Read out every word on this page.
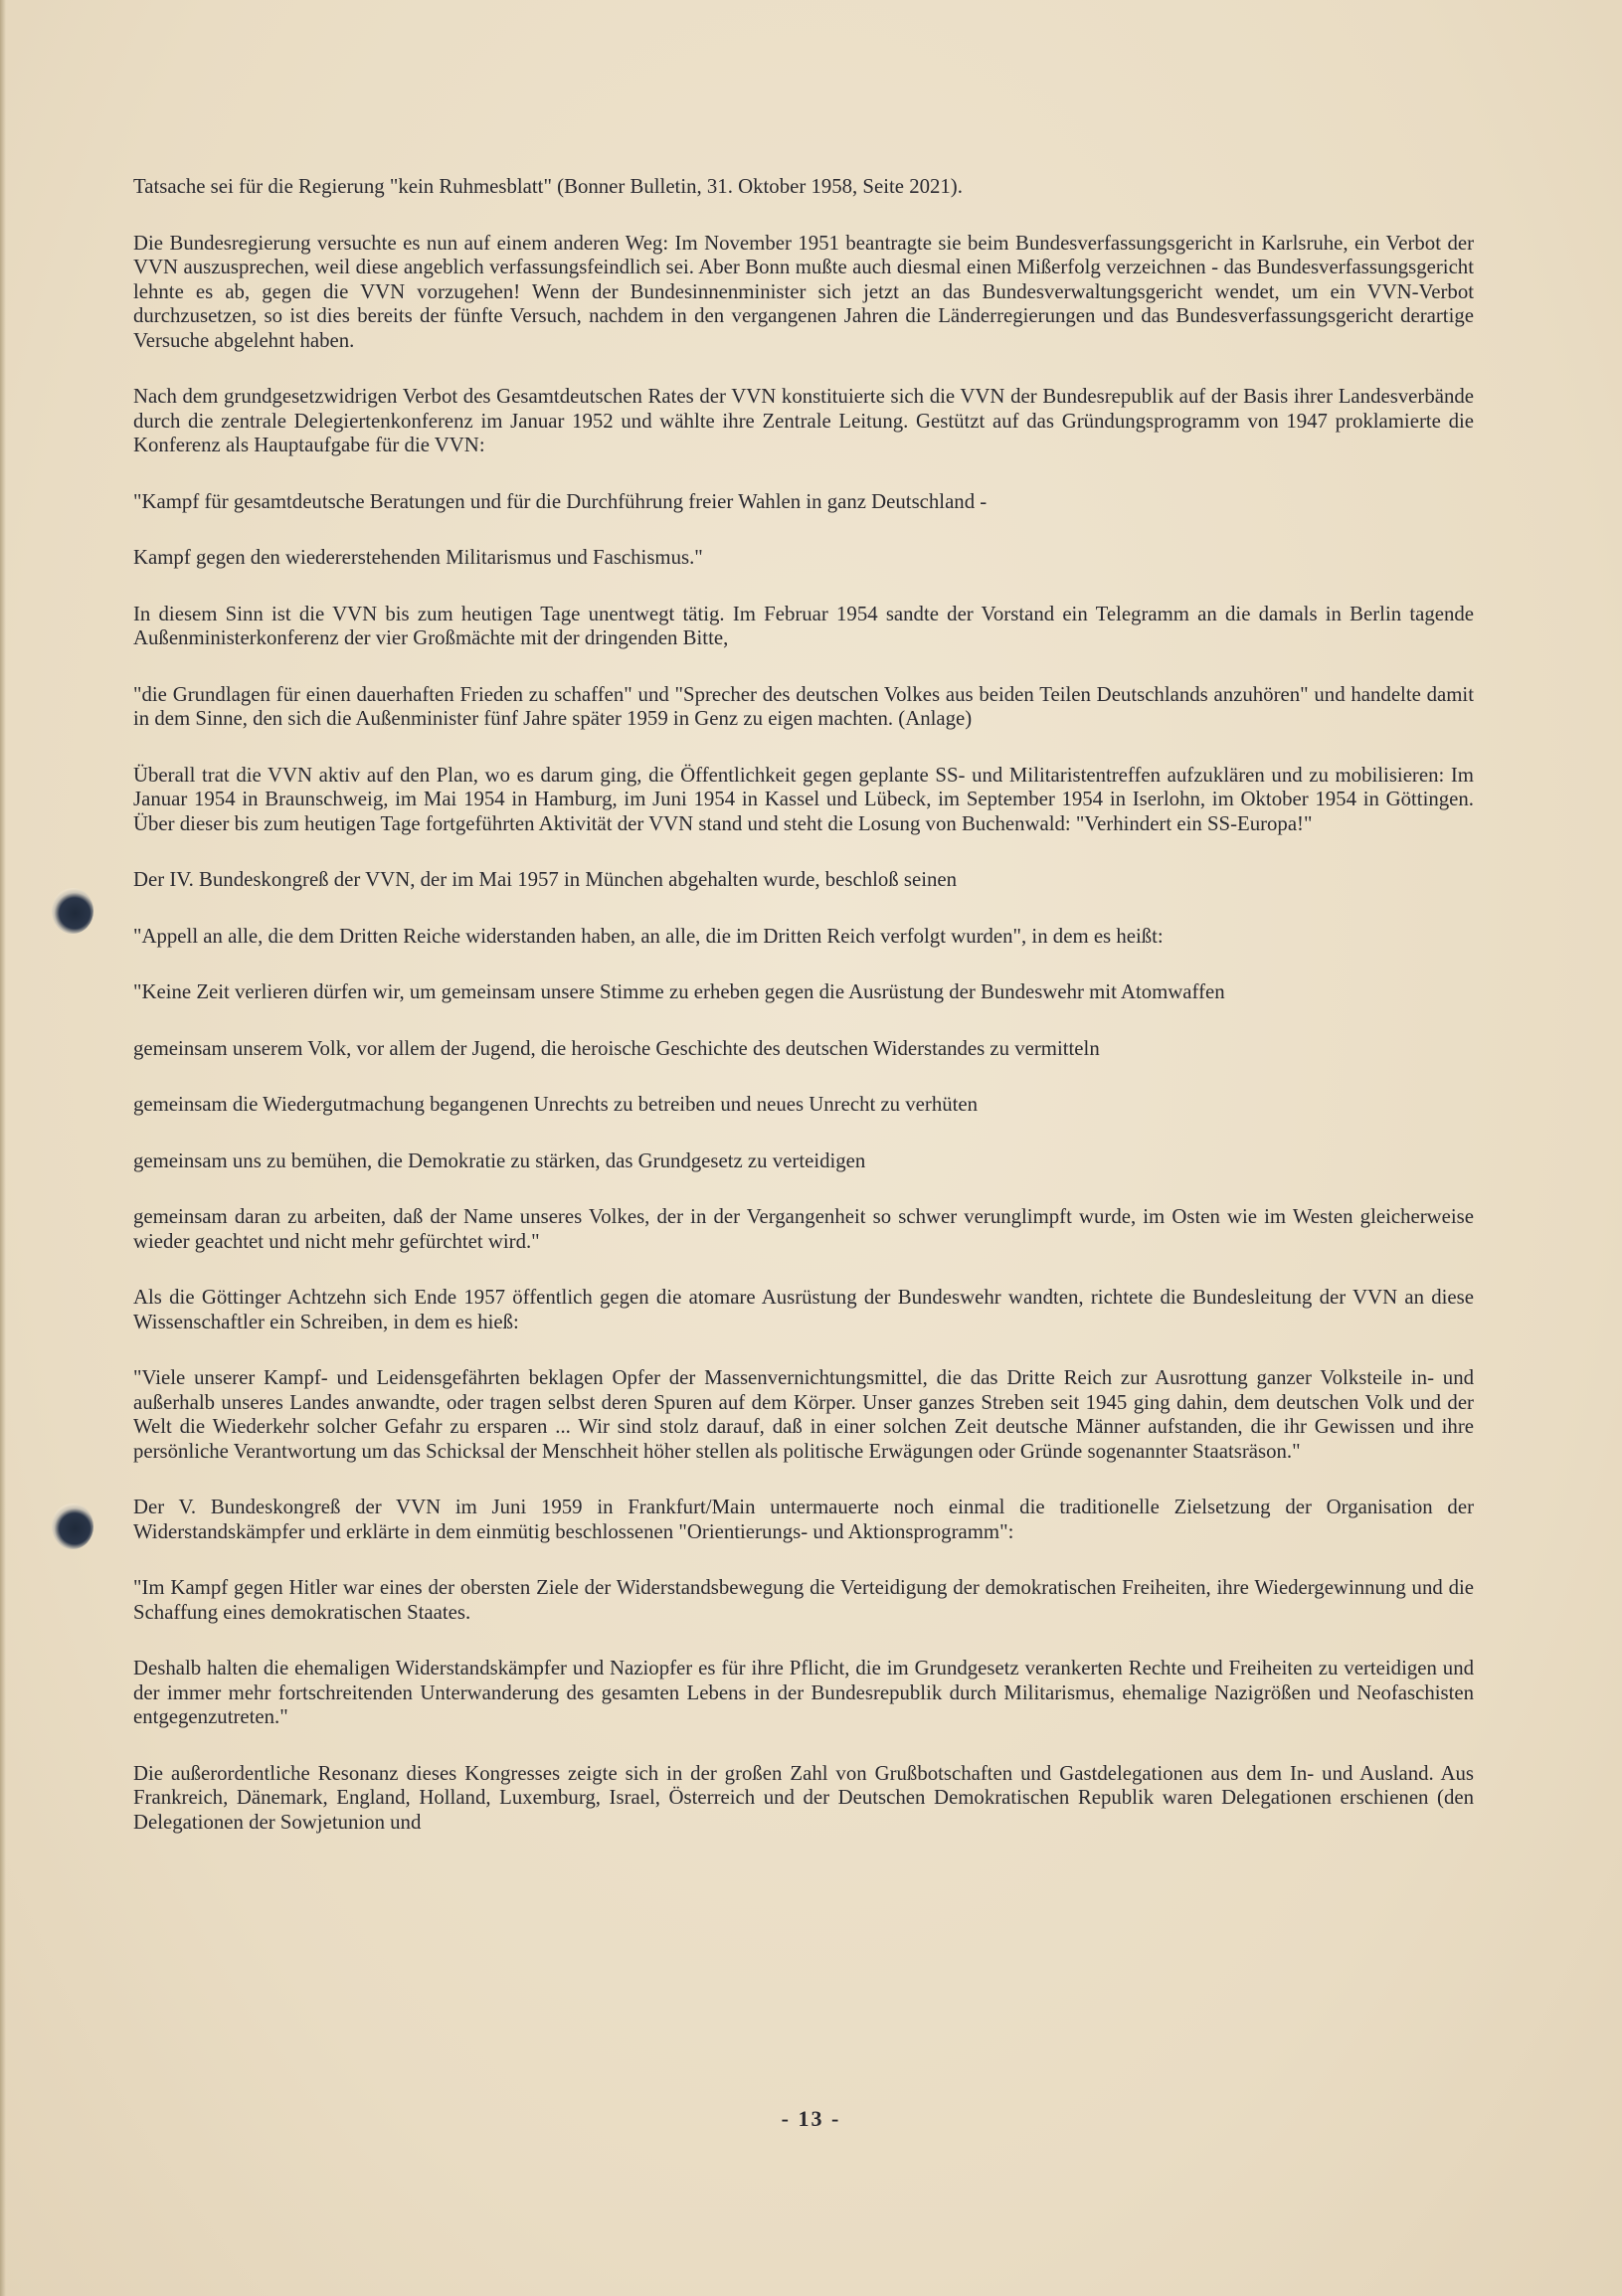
Tatsache sei für die Regierung "kein Ruhmesblatt" (Bonner Bulletin, 31. Oktober 1958, Seite 2021).

Die Bundesregierung versuchte es nun auf einem anderen Weg: Im November 1951 beantragte sie beim Bundesverfassungsgericht in Karlsruhe, ein Verbot der VVN auszusprechen, weil diese angeblich verfassungsfeindlich sei. Aber Bonn mußte auch diesmal einen Mißerfolg verzeichnen - das Bundesverfassungsgericht lehnte es ab, gegen die VVN vorzugehen! Wenn der Bundesinnenminister sich jetzt an das Bundesverwaltungsgericht wendet, um ein VVN-Verbot durchzusetzen, so ist dies bereits der fünfte Versuch, nachdem in den vergangenen Jahren die Länderregierungen und das Bundesverfassungsgericht derartige Versuche abgelehnt haben.

Nach dem grundgesetzwidrigen Verbot des Gesamtdeutschen Rates der VVN konstituierte sich die VVN der Bundesrepublik auf der Basis ihrer Landesverbände durch die zentrale Delegiertenkonferenz im Januar 1952 und wählte ihre Zentrale Leitung. Gestützt auf das Gründungsprogramm von 1947 proklamierte die Konferenz als Hauptaufgabe für die VVN:

"Kampf für gesamtdeutsche Beratungen und für die Durchführung freier Wahlen in ganz Deutschland -

Kampf gegen den wiedererstehenden Militarismus und Faschismus."

In diesem Sinn ist die VVN bis zum heutigen Tage unentwegt tätig. Im Februar 1954 sandte der Vorstand ein Telegramm an die damals in Berlin tagende Außenministerkonferenz der vier Großmächte mit der dringenden Bitte,

"die Grundlagen für einen dauerhaften Frieden zu schaffen" und "Sprecher des deutschen Volkes aus beiden Teilen Deutschlands anzuhören" und handelte damit in dem Sinne, den sich die Außenminister fünf Jahre später 1959 in Genz zu eigen machten. (Anlage)

Überall trat die VVN aktiv auf den Plan, wo es darum ging, die Öffentlichkeit gegen geplante SS- und Militaristentreffen aufzuklären und zu mobilisieren: Im Januar 1954 in Braunschweig, im Mai 1954 in Hamburg, im Juni 1954 in Kassel und Lübeck, im September 1954 in Iserlohn, im Oktober 1954 in Göttingen. Über dieser bis zum heutigen Tage fortgeführten Aktivität der VVN stand und steht die Losung von Buchenwald: "Verhindert ein SS-Europa!"

Der IV. Bundeskongreß der VVN, der im Mai 1957 in München abgehalten wurde, beschloß seinen

"Appell an alle, die dem Dritten Reiche widerstanden haben, an alle, die im Dritten Reich verfolgt wurden", in dem es heißt:

"Keine Zeit verlieren dürfen wir, um gemeinsam unsere Stimme zu erheben gegen die Ausrüstung der Bundeswehr mit Atomwaffen

gemeinsam unserem Volk, vor allem der Jugend, die heroische Geschichte des deutschen Widerstandes zu vermitteln

gemeinsam die Wiedergutmachung begangenen Unrechts zu betreiben und neues Unrecht zu verhüten

gemeinsam uns zu bemühen, die Demokratie zu stärken, das Grundgesetz zu verteidigen

gemeinsam daran zu arbeiten, daß der Name unseres Volkes, der in der Vergangenheit so schwer verunglimpft wurde, im Osten wie im Westen gleicherweise wieder geachtet und nicht mehr gefürchtet wird."

Als die Göttinger Achtzehn sich Ende 1957 öffentlich gegen die atomare Ausrüstung der Bundeswehr wandten, richtete die Bundesleitung der VVN an diese Wissenschaftler ein Schreiben, in dem es hieß:

"Viele unserer Kampf- und Leidensgefährten beklagen Opfer der Massenvernichtungsmittel, die das Dritte Reich zur Ausrottung ganzer Volksteile in- und außerhalb unseres Landes anwandte, oder tragen selbst deren Spuren auf dem Körper. Unser ganzes Streben seit 1945 ging dahin, dem deutschen Volk und der Welt die Wiederkehr solcher Gefahr zu ersparen ... Wir sind stolz darauf, daß in einer solchen Zeit deutsche Männer aufstanden, die ihr Gewissen und ihre persönliche Verantwortung um das Schicksal der Menschheit höher stellen als politische Erwägungen oder Gründe sogenannter Staatsräson."

Der V. Bundeskongreß der VVN im Juni 1959 in Frankfurt/Main untermauerte noch einmal die traditionelle Zielsetzung der Organisation der Widerstandskämpfer und erklärte in dem einmütig beschlossenen "Orientierungs- und Aktionsprogramm":

"Im Kampf gegen Hitler war eines der obersten Ziele der Widerstandsbewegung die Verteidigung der demokratischen Freiheiten, ihre Wiedergewinnung und die Schaffung eines demokratischen Staates.

Deshalb halten die ehemaligen Widerstandskämpfer und Naziopfer es für ihre Pflicht, die im Grundgesetz verankerten Rechte und Freiheiten zu verteidigen und der immer mehr fortschreitenden Unterwanderung des gesamten Lebens in der Bundesrepublik durch Militarismus, ehemalige Nazigrößen und Neofaschisten entgegenzutreten."

Die außerordentliche Resonanz dieses Kongresses zeigte sich in der großen Zahl von Grußbotschaften und Gastdelegationen aus dem In- und Ausland. Aus Frankreich, Dänemark, England, Holland, Luxemburg, Israel, Österreich und der Deutschen Demokratischen Republik waren Delegationen erschienen (den Delegationen der Sowjetunion und

- 13 -
